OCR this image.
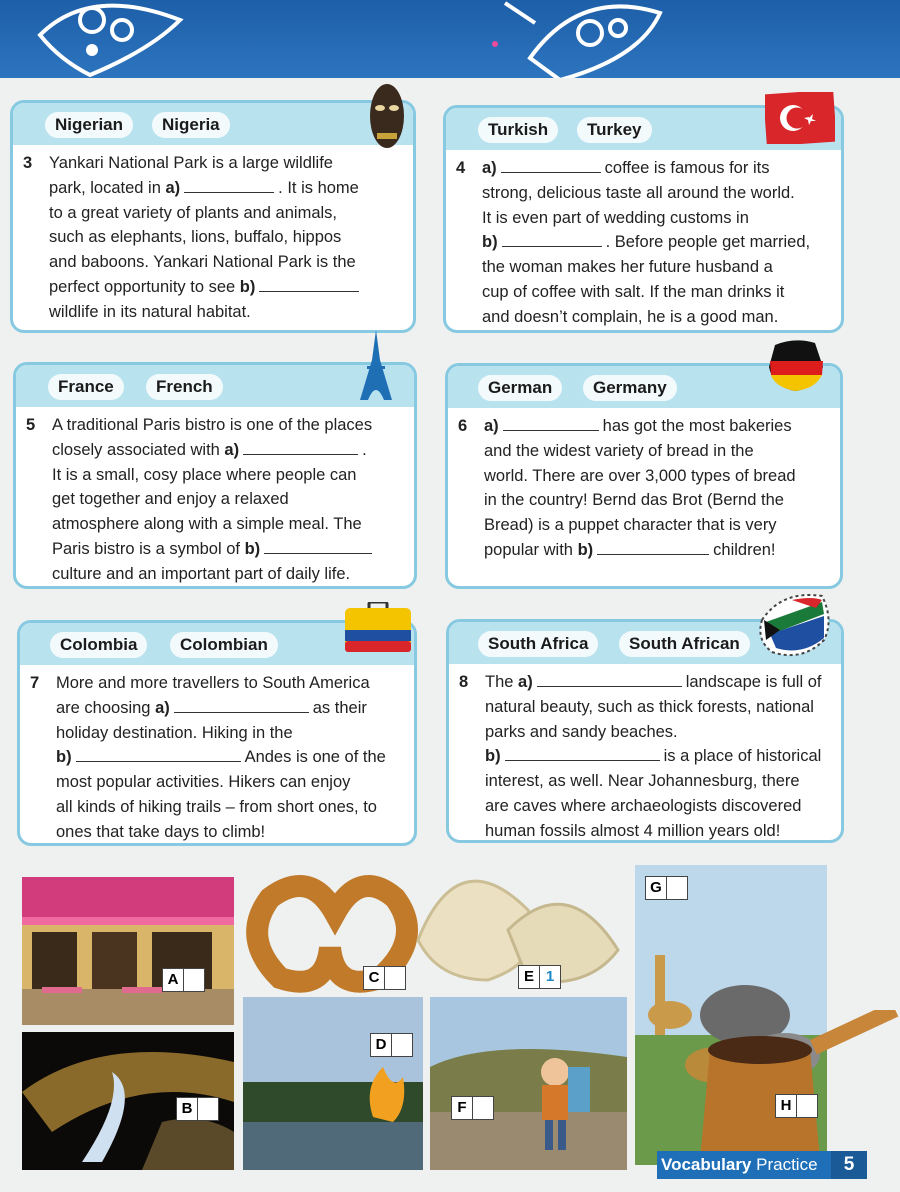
Nigerian	Nigeria
3 Yankari National Park is a large wildlife
park, located in a)	. It is home
to a great variety of plants and animals,
such as elephants, lions, buffalo, hippos
and baboons. Yankari National Park is the
perfect opportunity to see b)
wildlife in its natural habitat.
Turkish	Turkey
4 a)	coffee is famous for its
strong, delicious taste all around the world.
It is even part of wedding customs in
b)	. Before people get married,
the woman makes her future husband a
cup of coffee with salt. If the man drinks it
and doesn’t complain, he is a good man.
France	French
5 A traditional Paris bistro is one of the places
closely associated with a)	.
It is a small, cosy place where people can
get together and enjoy a relaxed
atmosphere along with a simple meal. The
Paris bistro is a symbol of b)
culture and an important part of daily life.
German	Germany
6 a)	has got the most bakeries
and the widest variety of bread in the
world. There are over 3,000 types of bread
in the country! Bernd das Brot (Bernd the
Bread) is a puppet character that is very
popular with b)	children!
Colombia	Colombian
7 More and more travellers to South America
are choosing a)	as their
holiday destination. Hiking in the
b)	Andes is one of the
most popular activities. Hikers can enjoy
all kinds of hiking trails – from short ones, to
ones that take days to climb!
South Africa	South African
8 The a)	landscape is full of
natural beauty, such as thick forests, national
parks and sandy beaches.
b)	is a place of historical
interest, as well. Near Johannesburg, there
are caves where archaeologists discovered
human fossils almost 4 million years old!
A
B
C
D
E 1
F
G
H
Vocabulary Practice	5
